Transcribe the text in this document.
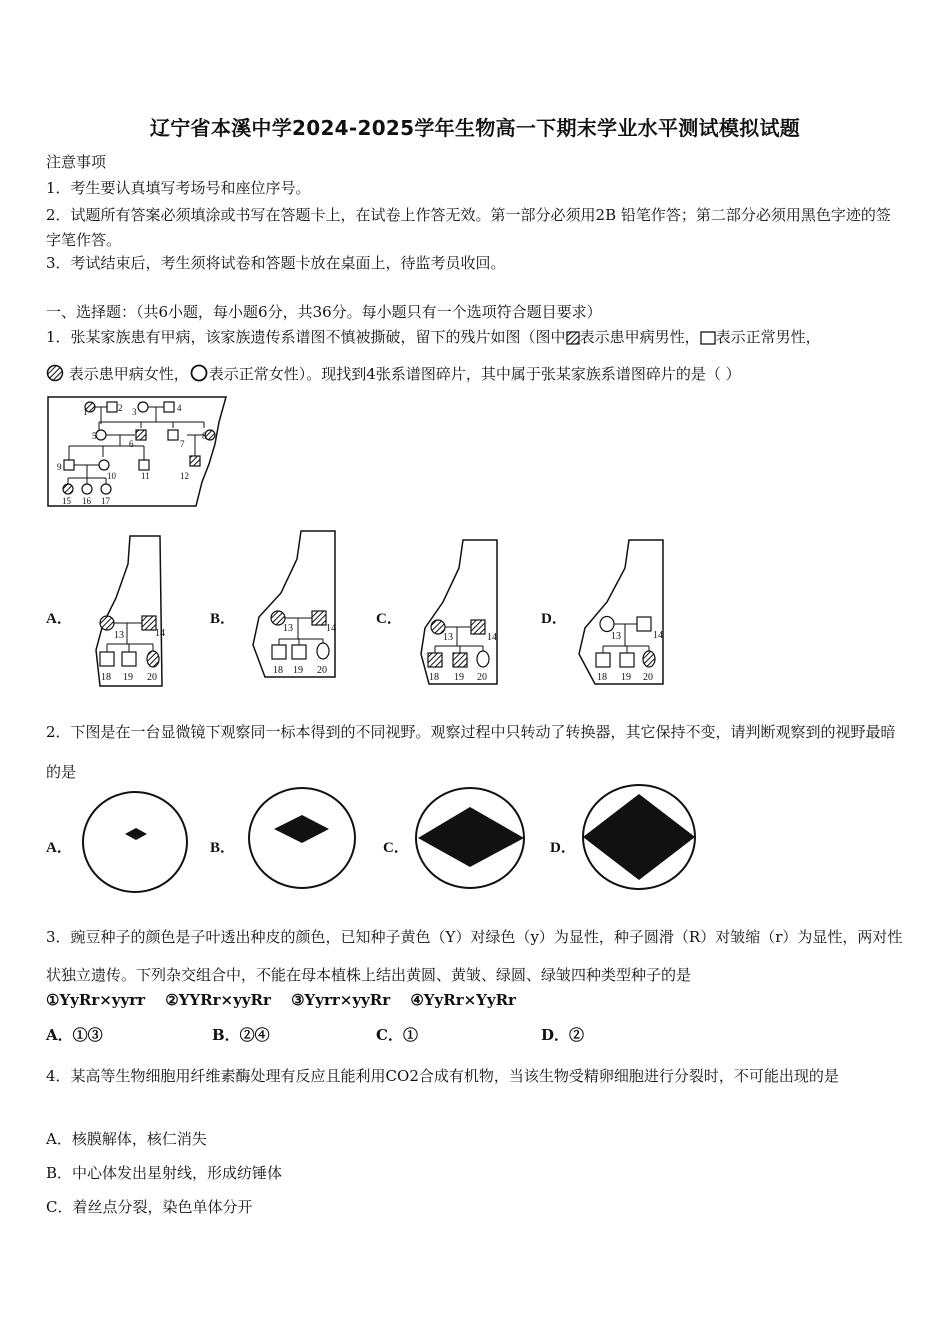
辽宁省本溪中学2024-2025学年生物高一下期末学业水平测试模拟试题
注意事项
1．考生要认真填写考场号和座位序号。
2．试题所有答案必须填涂或书写在答题卡上，在试卷上作答无效。第一部分必须用2B 铅笔作答；第二部分必须用黑色字迹的签字笔作答。
3．考试结束后，考生须将试卷和答题卡放在桌面上，待监考员收回。
一、选择题：（共6小题，每小题6分，共36分。每小题只有一个选项符合题目要求）
1．张某家族患有甲病，该家族遗传系谱图不慎被撕破，留下的残片如图（图中 表示患甲病男性， 表示正常男性，
表示患甲病女性， 表示正常女性）。现找到4张系谱图碎片，其中属于张某家族系谱图碎片的是（ ）
1	2 3	4
5
6	7
8
9
10	11	12
15 16 17
A．	B．	C．	D．
13	14
18 19 20
13	14
18 19 20
13	14
18 19 20
13	14
18 19 20
2．下图是在一台显微镜下观察同一标本得到的不同视野。观察过程中只转动了转换器，其它保持不变，请判断观察到的视野最暗的是
A．	B．	C．	D．
3．豌豆种子的颜色是子叶透出种皮的颜色，已知种子黄色（Y）对绿色（y）为显性，种子圆滑（R）对皱缩（r）为显性，两对性状独立遗传。下列杂交组合中，不能在母本植株上结出黄圆、黄皱、绿圆、绿皱四种类型种子的是
①YyRr×yyrr　 ②YYRr×yyRr　 ③Yyrr×yyRr　 ④YyRr×YyRr
A．①③	B．②④	C．①	D．②
4．某高等生物细胞用纤维素酶处理有反应且能利用CO2合成有机物，当该生物受精卵细胞进行分裂时，不可能出现的是
A．核膜解体，核仁消失
B．中心体发出星射线，形成纺锤体
C．着丝点分裂，染色单体分开
